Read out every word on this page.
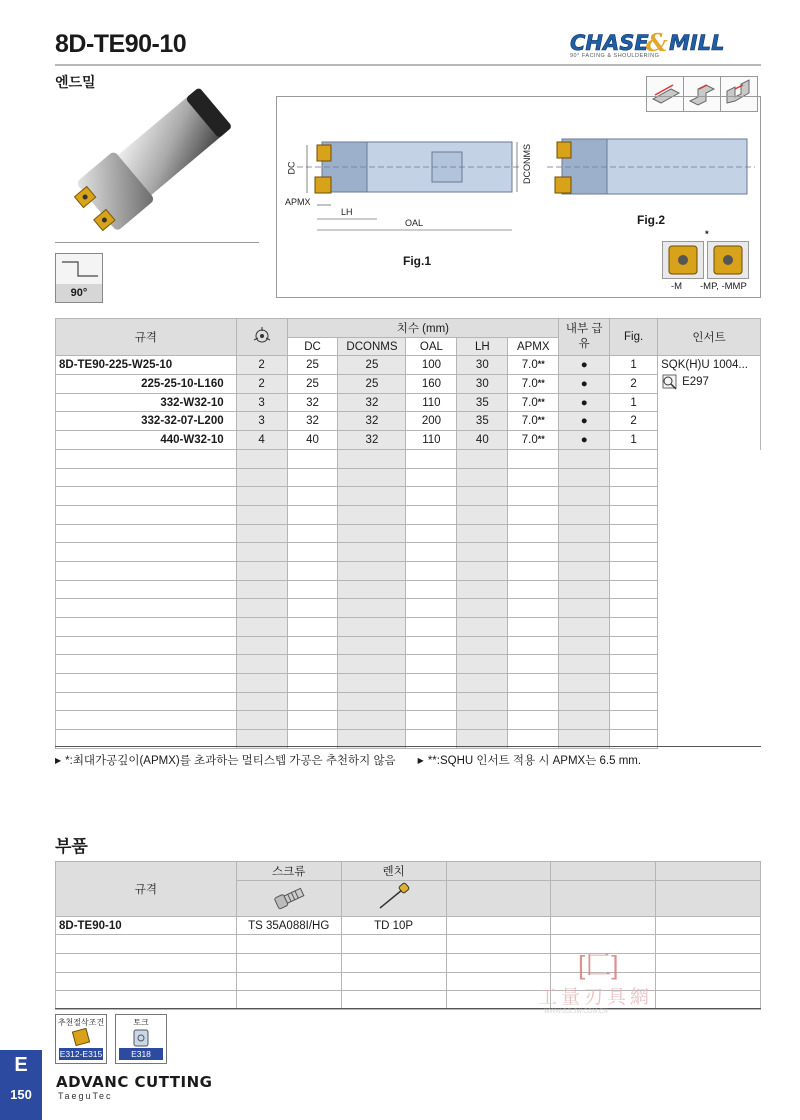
8D-TE90-10	CHASE
& MILL
90° FACING & SHOULDERING
엔드밀
90°
DC
APMX
LH
OAL
DCONMS
Fig.1
Fig.2
-M -MP, -MMP
*
규격		치수 (mm)					내부 급유	Fig.	인서트
		DC	DCONMS	OAL	LH	APMX			
8D-TE90-225-W25-10	2	25	25	100	30	7.0**	●	1	SQK(H)U 1004...
E297

225-25-10-L160	2	25	25	160	30	7.0**	●	2	
332-W32-10	3	32	32	110	35	7.0**	●	1	
332-32-07-L200	3	32	32	200	35	7.0**	●	2	
440-W32-10	4	40	32	110	40	7.0**	●	1	

▶ *:최대가공깊이(APMX)를 초과하는 멀티스텝 가공은 추천하지 않음	▶ **:SQHU 인서트 적용 시 APMX는 6.5 mm.
부품
규격	스크류	렌치			

8D-TE90-10	TS 35A088I/HG	TD 10P			

[匚]
工量刃具網
WWW.GJLJW.COM.CN
추천절삭조건
E312-E315
토크
E318
E
150
ADVANC CUTTING
TaeguTec
